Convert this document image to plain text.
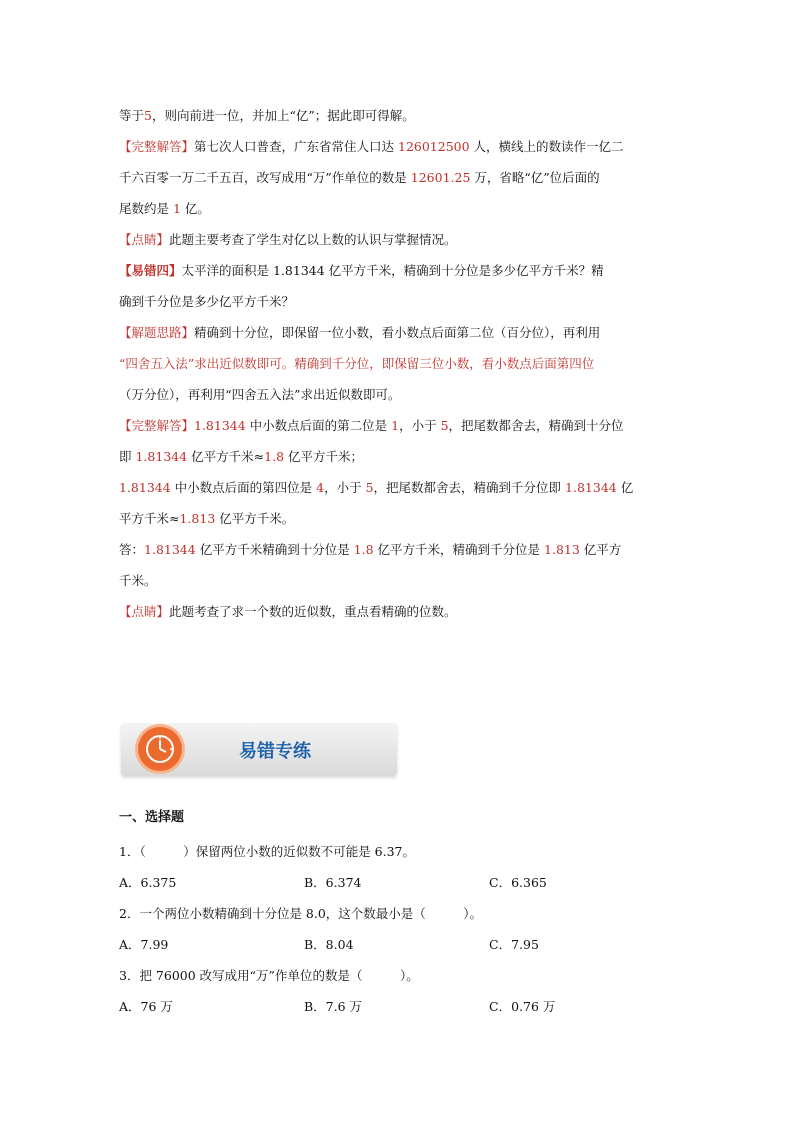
等于5，则向前进一位，并加上“亿”；据此即可得解。

【完整解答】第七次人口普查，广东省常住人口达 126012500 人，横线上的数读作一亿二

千六百零一万二千五百，改写成用“万”作单位的数是 12601.25 万，省略“亿”位后面的

尾数约是 1 亿。

【点睛】此题主要考查了学生对亿以上数的认识与掌握情况。

【易错四】太平洋的面积是 1.81344 亿平方千米，精确到十分位是多少亿平方千米？精

确到千分位是多少亿平方千米？

【解题思路】精确到十分位，即保留一位小数，看小数点后面第二位（百分位），再利用

“四舍五入法”求出近似数即可。精确到千分位，即保留三位小数，看小数点后面第四位

（万分位），再利用“四舍五入法”求出近似数即可。

【完整解答】1.81344 中小数点后面的第二位是 1，小于 5，把尾数都舍去，精确到十分位

即 1.81344 亿平方千米≈1.8 亿平方千米；

1.81344 中小数点后面的第四位是 4，小于 5，把尾数都舍去，精确到千分位即 1.81344 亿

平方千米≈1.813 亿平方千米。

答：1.81344 亿平方千米精确到十分位是 1.8 亿平方千米，精确到千分位是 1.813 亿平方

千米。

【点睛】此题考查了求一个数的近似数，重点看精确的位数。

易错专练
一、选择题

1．（　　　）保留两位小数的近似数不可能是 6.37。

A．6.375	B．6.374	C．6.365

2．一个两位小数精确到十分位是 8.0，这个数最小是（　　　）。

A．7.99	B．8.04	C．7.95

3．把 76000 改写成用“万”作单位的数是（　　　）。

A．76 万	B．7.6 万	C．0.76 万
